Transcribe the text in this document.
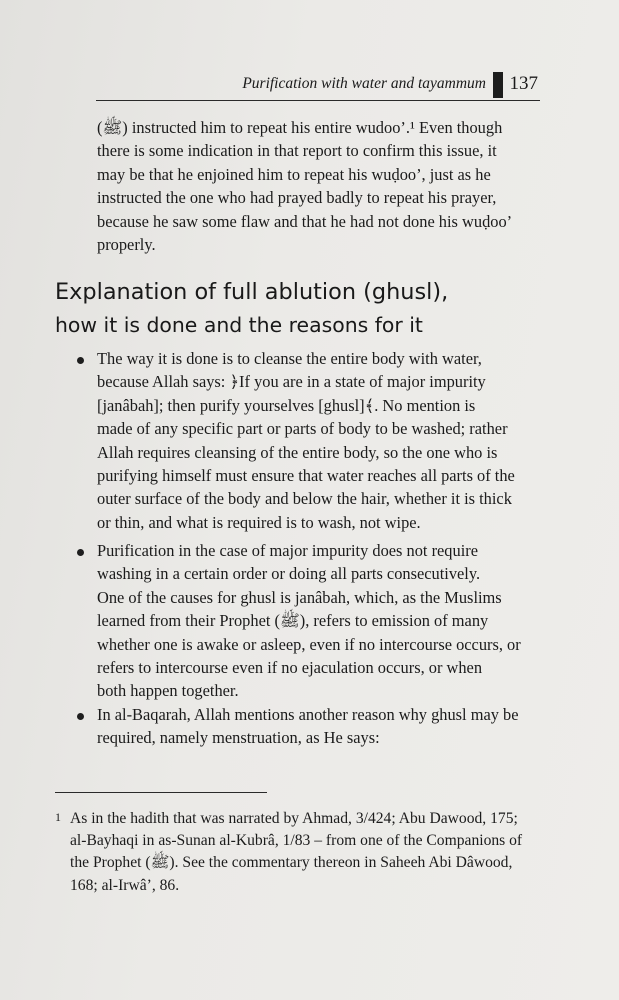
Purification with water and tayammum 137
(ﷺ) instructed him to repeat his entire wudoo’.¹ Even though
there is some indication in that report to confirm this issue, it
may be that he enjoined him to repeat his wuḍoo’, just as he
instructed the one who had prayed badly to repeat his prayer,
because he saw some flaw and that he had not done his wuḍoo’
properly.
Explanation of full ablution (ghusl),
how it is done and the reasons for it
The way it is done is to cleanse the entire body with water,
because Allah says: ﴿If you are in a state of major impurity
[janâbah]; then purify yourselves [ghusl]﴾. No mention is
made of any specific part or parts of body to be washed; rather
Allah requires cleansing of the entire body, so the one who is
purifying himself must ensure that water reaches all parts of the
outer surface of the body and below the hair, whether it is thick
or thin, and what is required is to wash, not wipe.
Purification in the case of major impurity does not require
washing in a certain order or doing all parts consecutively.
One of the causes for ghusl is janâbah, which, as the Muslims
learned from their Prophet (ﷺ), refers to emission of many
whether one is awake or asleep, even if no intercourse occurs, or
refers to intercourse even if no ejaculation occurs, or when
both happen together.
In al-Baqarah, Allah mentions another reason why ghusl may be
required, namely menstruation, as He says:
1 As in the hadith that was narrated by Ahmad, 3/424; Abu Dawood, 175;
al-Bayhaqi in as-Sunan al-Kubrâ, 1/83 – from one of the Companions of
the Prophet (ﷺ). See the commentary thereon in Saheeh Abi Dâwood,
168; al-Irwâ’, 86.
